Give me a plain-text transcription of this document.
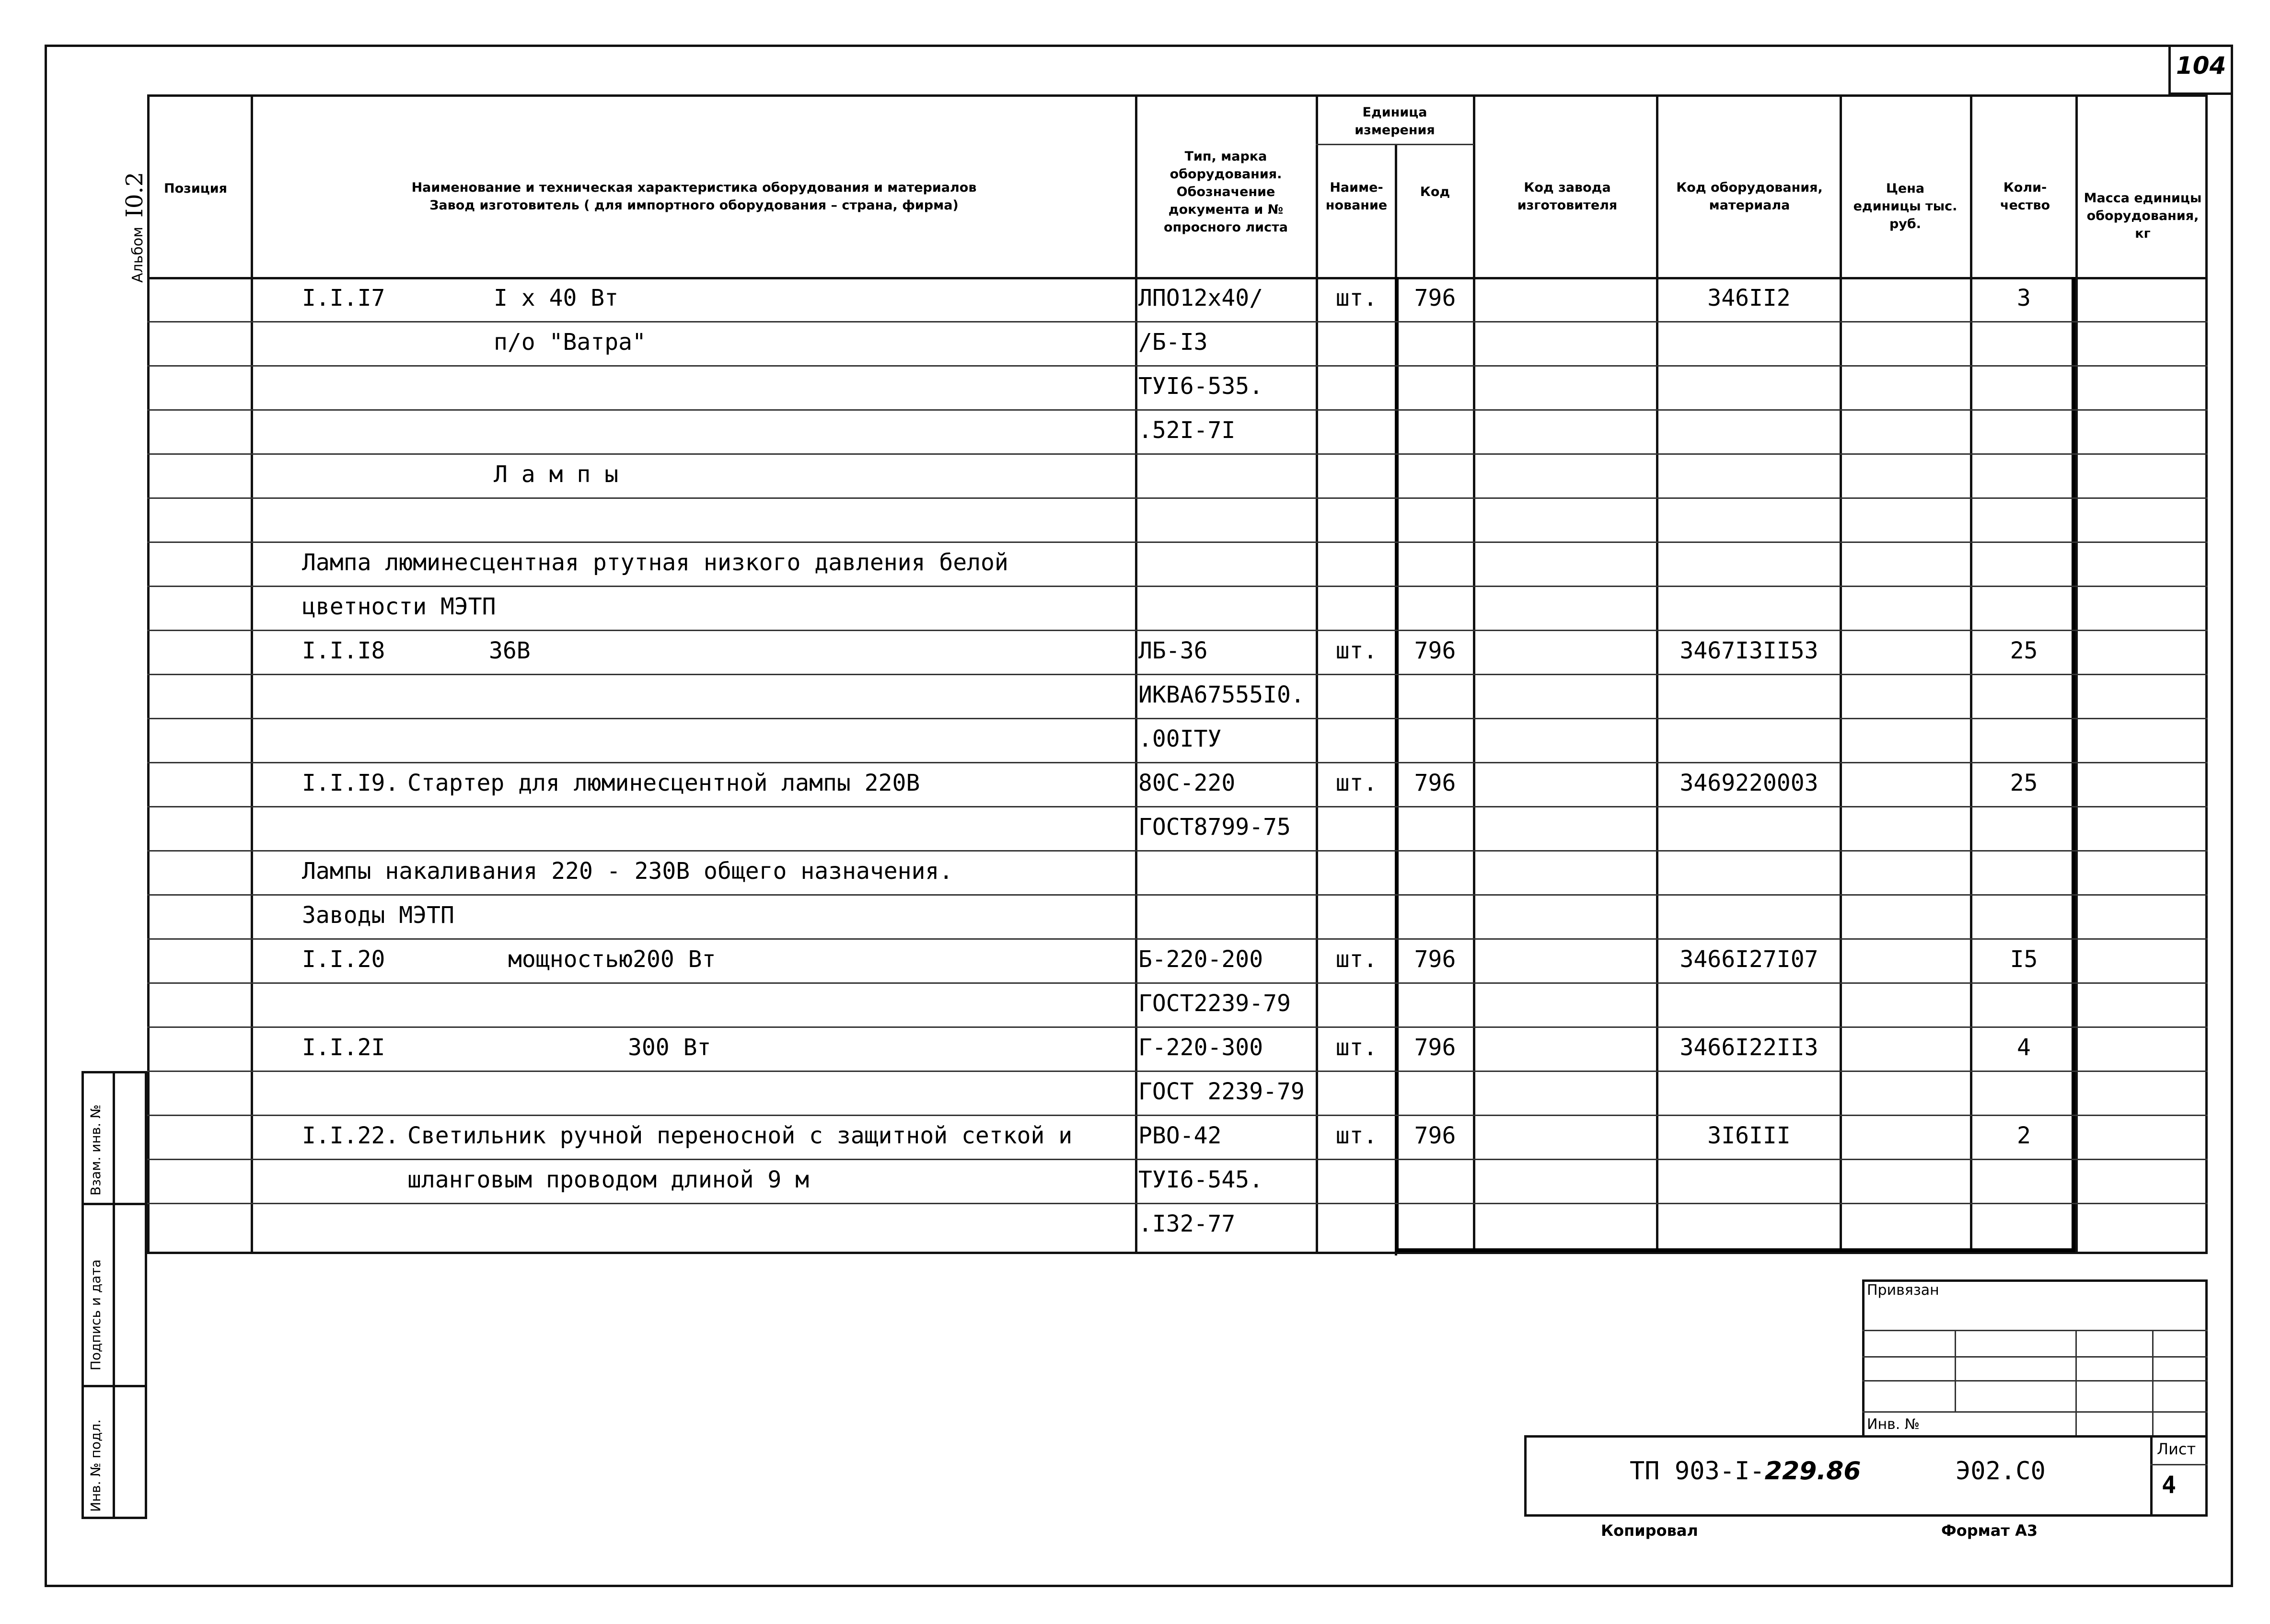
104
Альбом  I0.2
Взам. инв. №
Подпись и дата
Инв. № подл.
Позиция	Наименование и техническая характеристика оборудования и материалов
Завод изготовитель ( для импортного оборудования – страна, фирма)
Тип, марка оборудования. Обозначение документа и № опросного листа
Единица измерения
Наиме-нование
Код	Код завода изготовителя
Код оборудования, материала
Цена единицы тыс. руб.
Коли-чество	Масса единицы оборудования, кг
I.I.I7	I х 40 Вт	ЛПО12х40/	шт.	796	346II2	3
п/о "Ватра"	/Б-I3
ТУI6-535.
.52I-7I
Л а м п ы
Лампа люминесцентная ртутная низкого давления белой
цветности МЭТП
I.I.I8	36В	ЛБ-36	шт.	796	3467I3II53	25
ИКВА67555I0.
.00IТУ
I.I.I9. Стартер для люминесцентной лампы 220В	80С-220	шт.	796	3469220003	25
ГОСТ8799-75
Лампы накаливания 220 - 230В общего назначения.
Заводы МЭТП
I.I.20	мощностью200 Вт	Б-220-200	шт.	796	3466I27I07	I5
ГОСТ2239-79
I.I.2I	300 Вт	Г-220-300	шт.	796	3466I22II3	4
ГОСТ 2239-79
I.I.22. Светильник ручной переносной с защитной сеткой и	РВО-42	шт.	796	3I6III	2
шланговым проводом длиной 9 м	ТУI6-545.
.I32-77
Привязан
Инв. №
Лист
4
ТП 903-I-229.86	Э02.С0
Копировал	Формат А3
